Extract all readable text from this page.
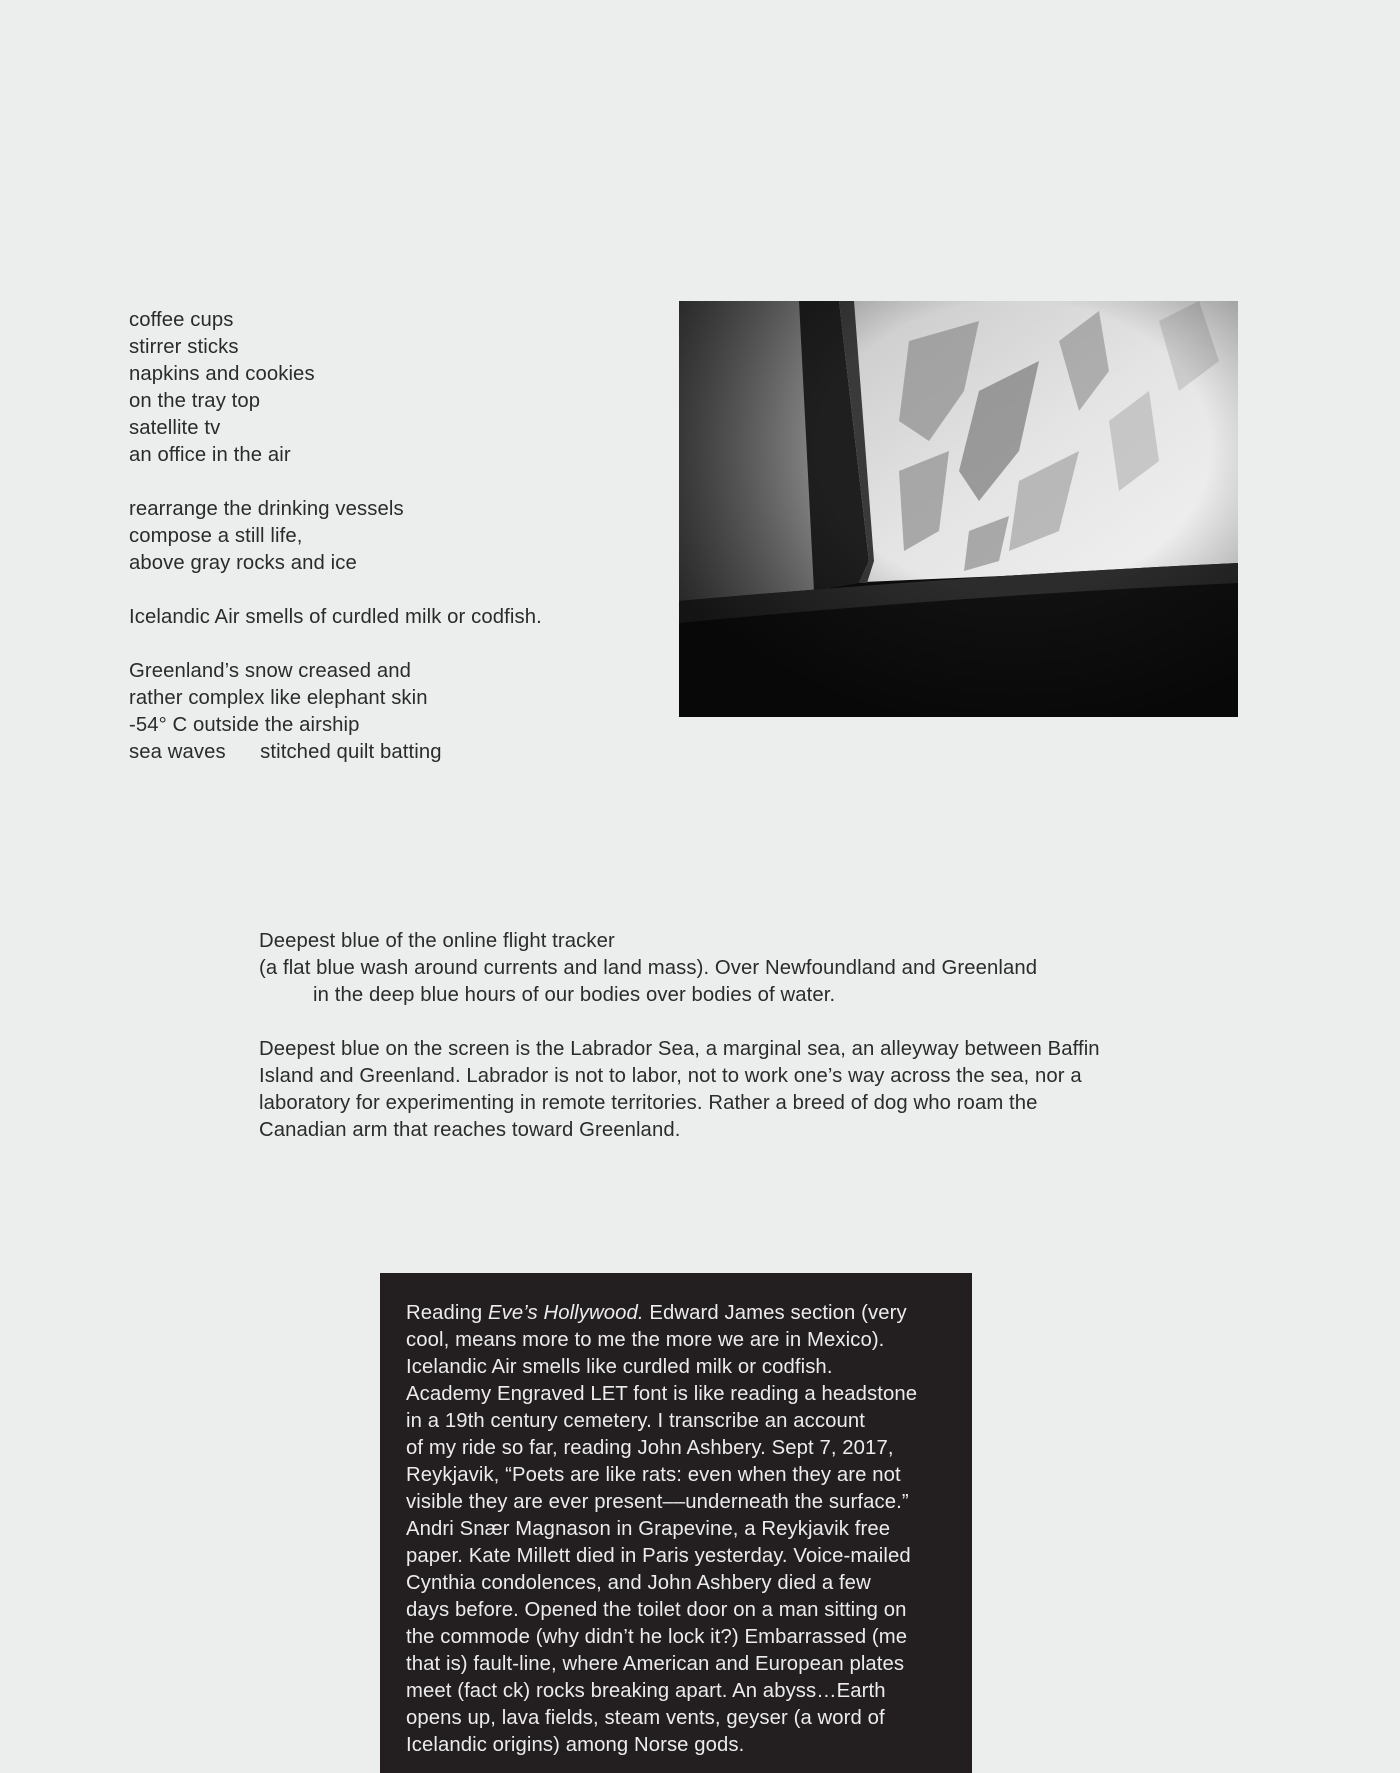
coffee cups
stirrer sticks
napkins and cookies
on the tray top
satellite tv
an office in the air
rearrange the drinking vessels
compose a still life,
above gray rocks and ice
Icelandic Air smells of curdled milk or codfish.
Greenland’s snow creased and
rather complex like elephant skin
-54° C outside the airship
sea waves      stitched quilt batting

Deepest blue of the online flight tracker
(a flat blue wash around currents and land mass). Over Newfoundland and Greenland
in the deep blue hours of our bodies over bodies of water.

Deepest blue on the screen is the Labrador Sea, a marginal sea, an alleyway between Baffin Island and Greenland. Labrador is not to labor, not to work one’s way across the sea, nor a laboratory for experimenting in remote territories. Rather a breed of dog who roam the Canadian arm that reaches toward Greenland.

Reading Eve’s Hollywood. Edward James section (very
cool, means more to me the more we are in Mexico).
Icelandic Air smells like curdled milk or codfish.
Academy Engraved LET font is like reading a headstone
in a 19th century cemetery. I transcribe an account
of my ride so far, reading John Ashbery. Sept 7, 2017,
Reykjavik, “Poets are like rats: even when they are not
visible they are ever present––underneath the surface.”
Andri Snær Magnason in Grapevine, a Reykjavik free
paper. Kate Millett died in Paris yesterday. Voice-mailed
Cynthia condolences, and John Ashbery died a few
days before. Opened the toilet door on a man sitting on
the commode (why didn’t he lock it?) Embarrassed (me
that is) fault-line, where American and European plates
meet (fact ck) rocks breaking apart. An abyss…Earth
opens up, lava fields, steam vents, geyser (a word of
Icelandic origins) among Norse gods.
